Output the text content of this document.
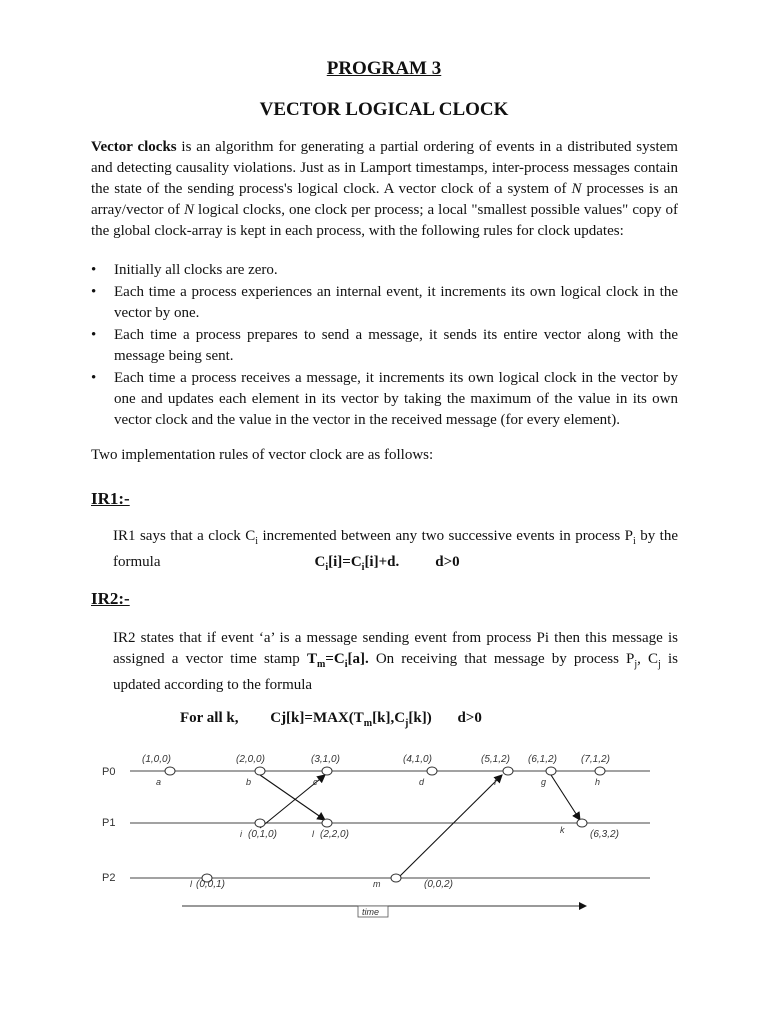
PROGRAM 3
VECTOR LOGICAL CLOCK

Vector clocks is an algorithm for generating a partial ordering of events in a distributed system and detecting causality violations. Just as in Lamport timestamps, inter-process messages contain the state of the sending process's logical clock. A vector clock of a system of N processes is an array/vector of N logical clocks, one clock per process; a local "smallest possible values" copy of the global clock-array is kept in each process, with the following rules for clock updates:

• Initially all clocks are zero.
• Each time a process experiences an internal event, it increments its own logical clock in the vector by one.
• Each time a process prepares to send a message, it sends its entire vector along with the message being sent.
• Each time a process receives a message, it increments its own logical clock in the vector by one and updates each element in its vector by taking the maximum of the value in its own vector clock and the value in the vector in the received message (for every element).
Two implementation rules of vector clock are as follows:
IR1:-

IR1 says that a clock $C_i$ incremented between any two successive events in process $P_i$ by the formula	$C_i[i]=C_i[i]+d$. d>0

IR2:-

IR2 states that if event ‘a’ is a message sending event from process Pi then this message is assigned a vector time stamp $T_m=C_i[a]$. On receiving that message by process $P_j$, $C_j$ is updated according to the formula

For all k, $Cj[k]=MAX(T_m[k],C_j[k])$ d>0
P0
P1
P2
(1,0,0)	(2,0,0)	(3,1,0)	(4,1,0)	(5,1,2) (6,1,2) (7,1,2)
a	b	c	d	f	g	h
i (0,1,0)	l (2,2,0)	k	(6,3,2)
l (0,0,1)	m	(0,0,2)
time
